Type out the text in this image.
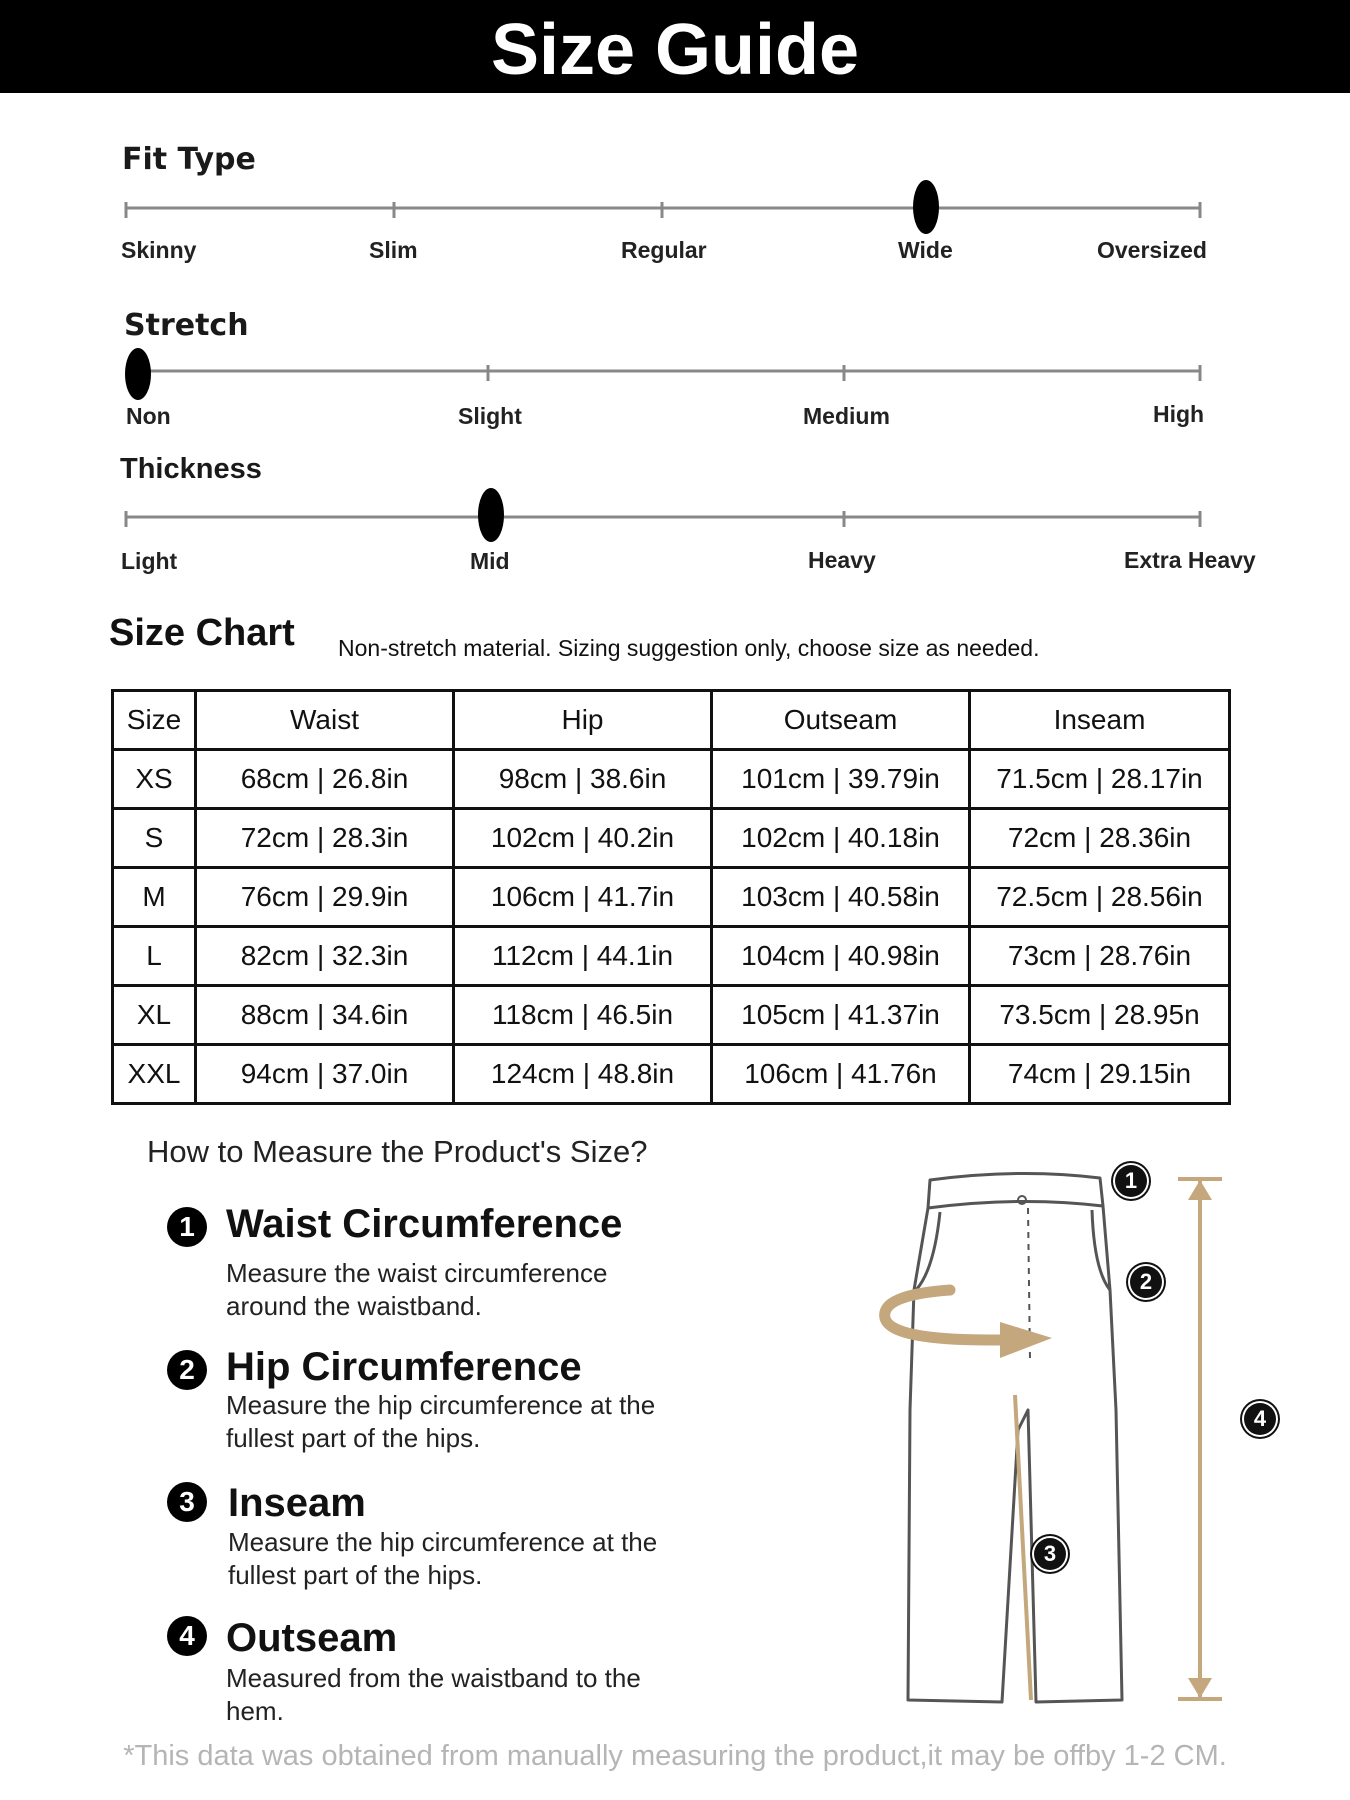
Size Guide
Fit Type
Skinny	Slim	Regular	Wide	Oversized
Stretch
Non	Slight	Medium	High
Thickness
Light	Mid	Heavy	Extra Heavy
Size Chart Non-stretch material. Sizing suggestion only, choose size as needed.
Size	Waist	Hip	Outseam	Inseam
XS	68cm | 26.8in	98cm | 38.6in	101cm | 39.79in	71.5cm | 28.17in
S	72cm | 28.3in	102cm | 40.2in	102cm | 40.18in	72cm | 28.36in
M	76cm | 29.9in	106cm | 41.7in	103cm | 40.58in	72.5cm | 28.56in
L	82cm | 32.3in	112cm | 44.1in	104cm | 40.98in	73cm | 28.76in
XL	88cm | 34.6in	118cm | 46.5in	105cm | 41.37in	73.5cm | 28.95n
XXL	94cm | 37.0in	124cm | 48.8in	106cm | 41.76n	74cm | 29.15in
How to Measure the Product's Size?
1 Waist Circumference
Measure the waist circumference around the waistband.
2 Hip Circumference
Measure the hip circumference at the fullest part of the hips.
3 Inseam
Measure the hip circumference at the fullest part of the hips.
4 Outseam
Measured from the waistband to the hem.
1
2
3
4
*This data was obtained from manually measuring the product,it may be offby 1-2 CM.
